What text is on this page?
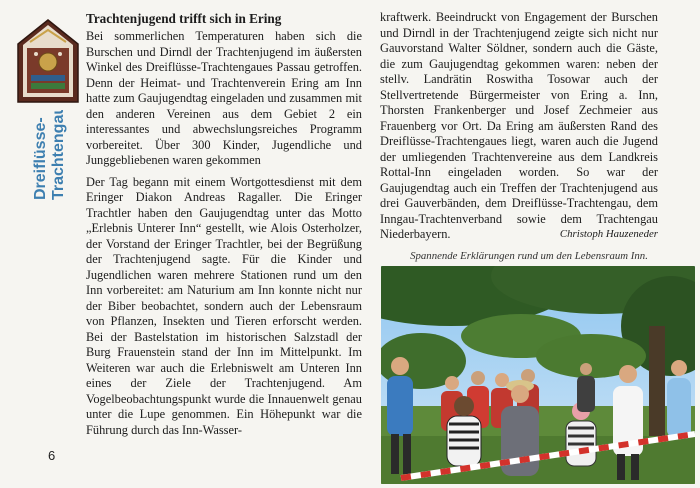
Dreiflüsse- Trachtengau
6
Trachtenjugend trifft sich in Ering

Bei sommerlichen Temperaturen haben sich die Burschen und Dirndl der Trachtenjugend im äußersten Winkel des Dreiflüsse-Trachtengaues Passau getroffen. Denn der Heimat- und Trachtenverein Ering am Inn hatte zum Gaujugendtag eingeladen und zusammen mit den anderen Vereinen aus dem Gebiet 2 ein interessantes und abwechslungsreiches Programm vorbereitet. Über 300 Kinder, Jugendliche und Junggebliebenen waren gekommen

Der Tag begann mit einem Wortgottesdienst mit dem Eringer Diakon Andreas Ragaller. Die Eringer Trachtler haben den Gaujugendtag unter das Motto „Erlebnis Unterer Inn“ gestellt, wie Alois Osterholzer, der Vorstand der Eringer Trachtler, bei der Begrüßung der Trachtenjugend sagte. Für die Kinder und Jugendlichen waren mehrere Stationen rund um den Inn vorbereitet: am Naturium am Inn konnte nicht nur der Biber beobachtet, sondern auch der Lebensraum von Pflanzen, Insekten und Tieren erforscht werden. Bei der Bastelstation im historischen Salzstadl der Burg Frauenstein stand der Inn im Mittelpunkt. Im Weiteren war auch die Erlebniswelt am Unteren Inn eines der Ziele der Trachtenjugend. Am Vogelbeobachtungspunkt wurde die Innauenwelt genau unter die Lupe genommen. Ein Höhepunkt war die Führung durch das Inn-Wasser-

kraftwerk. Beeindruckt von Engagement der Burschen und Dirndl in der Trachtenjugend zeigte sich nicht nur Gauvorstand Walter Söldner, sondern auch die Gäste, die zum Gaujugendtag gekommen waren: neben der stellv. Landrätin Roswitha Tosowar auch der Stellvertretende Bürgermeister von Ering a. Inn, Thorsten Frankenberger und Josef Zechmeier aus Frauenberg vor Ort. Da Ering am äußersten Rand des Dreiflüsse-Trachtengaues liegt, waren auch die Jugend der umliegenden Trachtenvereine aus dem Landkreis Rottal-Inn eingeladen worden. So war der Gaujugendtag auch ein Treffen der Trachtenjugend aus drei Gauverbänden, dem Dreiflüsse-Trachtengau, dem Inngau-Trachtenverband sowie dem Trachtengau Niederbayern.	Christoph Hauzeneder

Spannende Erklärungen rund um den Lebensraum Inn.
